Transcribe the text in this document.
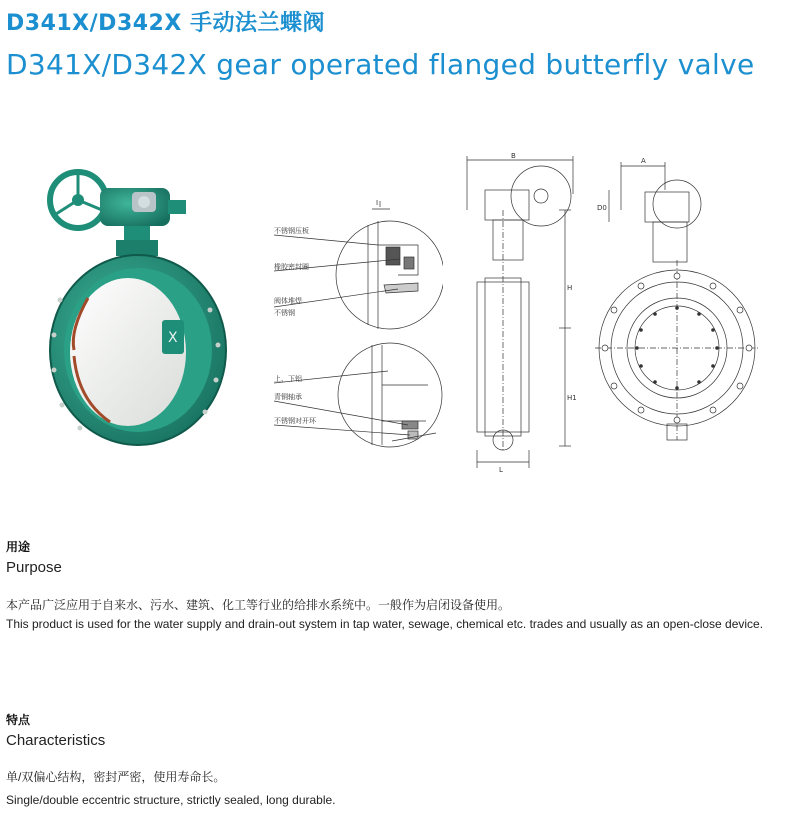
D341X/D342X 手动法兰蝶阀
D341X/D342X gear operated flanged butterfly valve
X
I
不锈钢压板
橡胶密封圈
阀体堆焊
不锈钢
上、下铝
青铜轴承
不锈钢对开环
B
H
H1
L
A
D0
用途
Purpose
本产品广泛应用于自来水、污水、建筑、化工等行业的给排水系统中。一般作为启闭设备使用。
This product is used for the water supply and drain-out system in tap water, sewage, chemical etc. trades and usually as an open-close device.
特点
Characteristics
单/双偏心结构，密封严密，使用寿命长。
Single/double eccentric structure, strictly sealed, long durable.
